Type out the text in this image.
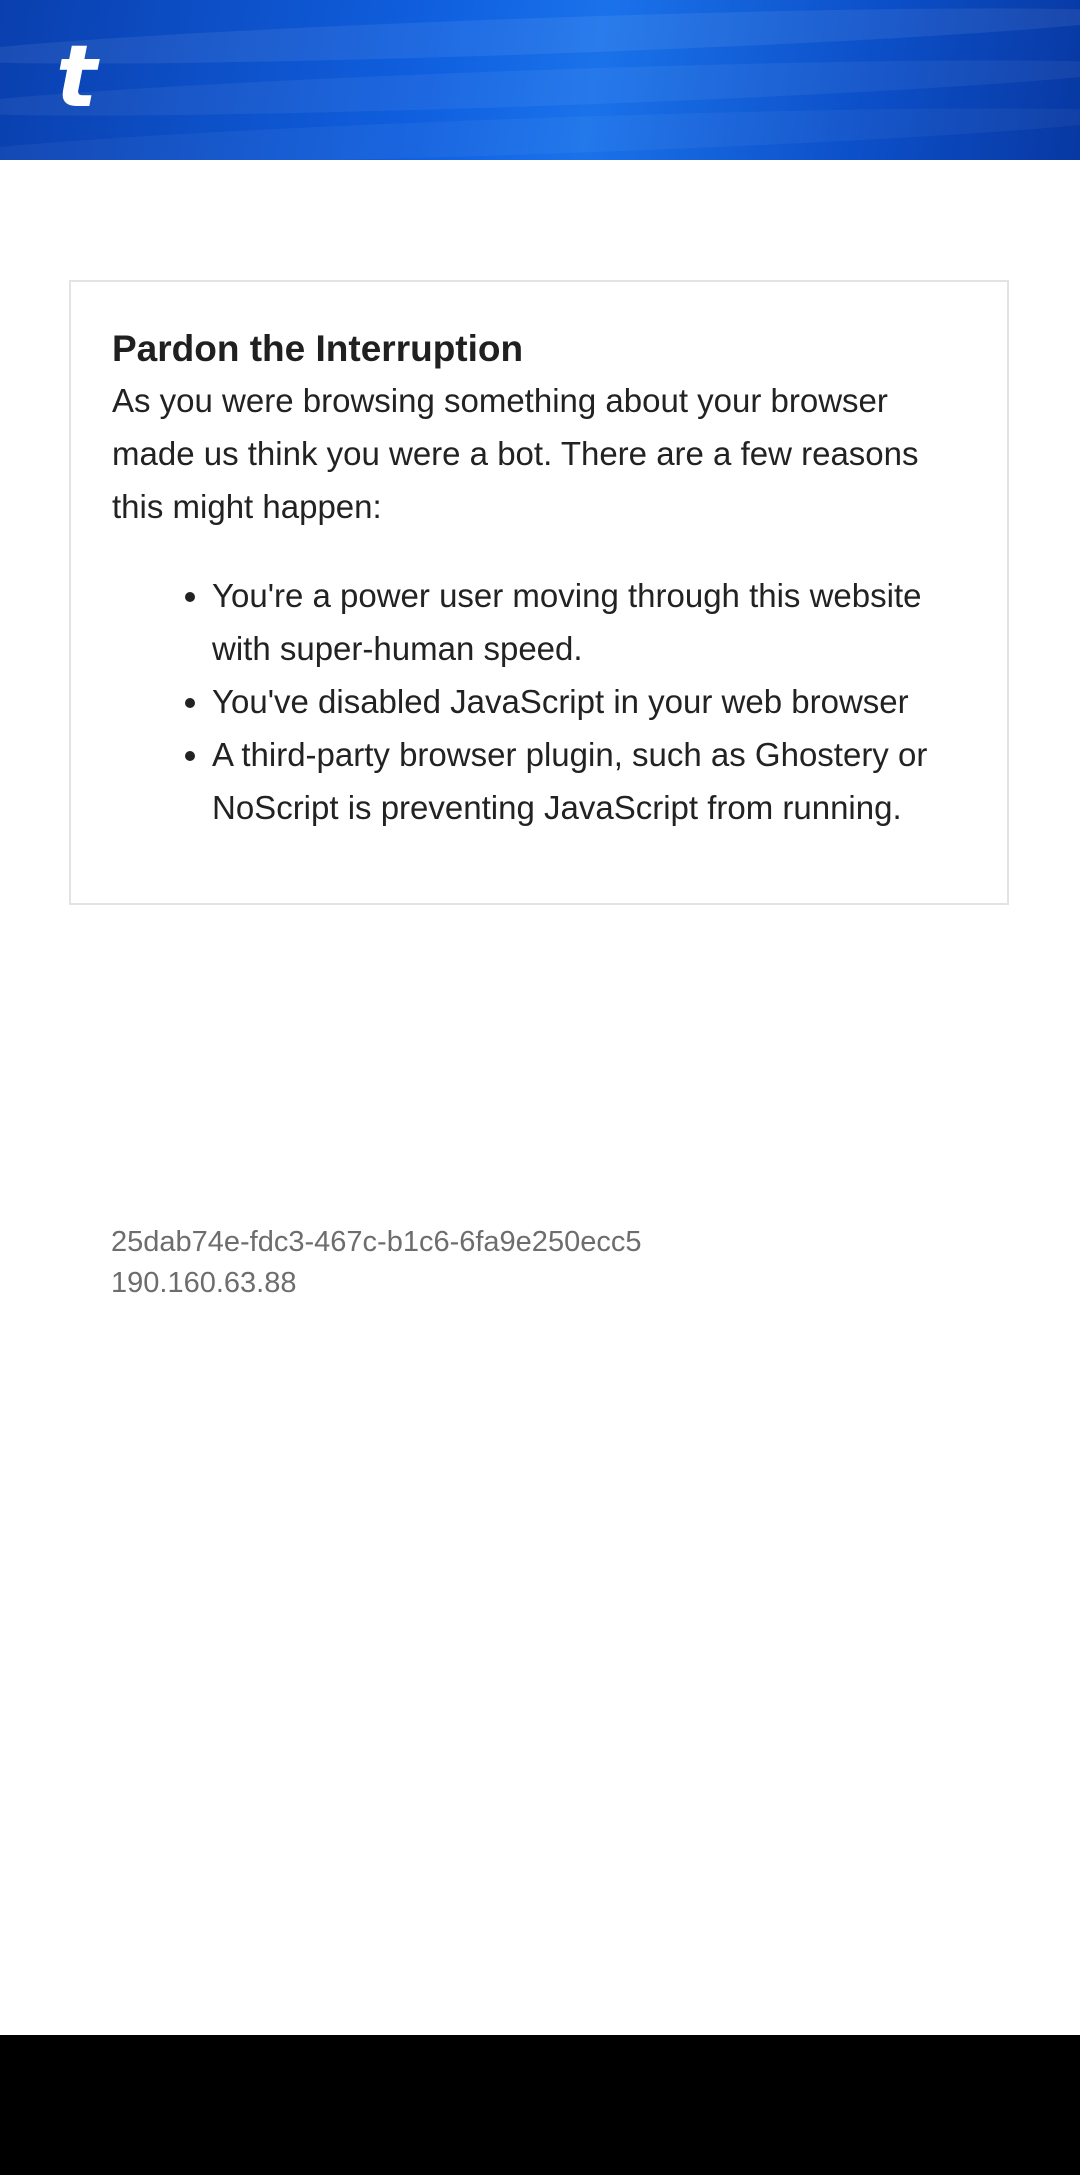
t
Pardon the Interruption

As you were browsing something about your browser made us think you were a bot. There are a few reasons this might happen:

• You're a power user moving through this website with super-human speed.
• You've disabled JavaScript in your web browser
• A third-party browser plugin, such as Ghostery or NoScript is preventing JavaScript from running.
25dab74e-fdc3-467c-b1c6-6fa9e250ecc5
190.160.63.88
